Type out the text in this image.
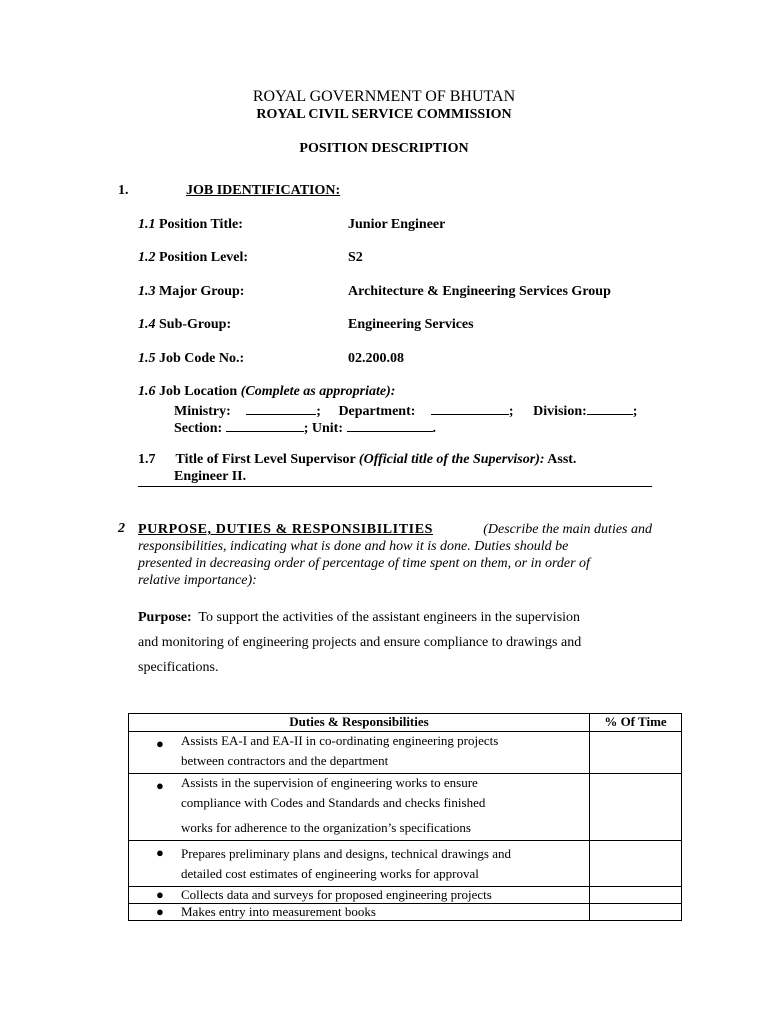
ROYAL GOVERNMENT OF BHUTAN
ROYAL CIVIL SERVICE COMMISSION
POSITION DESCRIPTION
1.	JOB IDENTIFICATION:
1.1 Position Title:	Junior Engineer
1.2 Position Level:	S2
1.3 Major Group:	Architecture & Engineering Services Group
1.4 Sub-Group:	Engineering Services
1.5 Job Code No.:	02.200.08
1.6 Job Location (Complete as appropriate):
Ministry:	; Department:	; Division:	;
Section:	; Unit:	.
1.7 Title of First Level Supervisor (Official title of the Supervisor): Asst.
Engineer II.
2 PURPOSE, DUTIES & RESPONSIBILITIES	(Describe the main duties and
responsibilities, indicating what is done and how it is done. Duties should be
presented in decreasing order of percentage of time spent on them, or in order of
relative importance):
Purpose: To support the activities of the assistant engineers in the supervision
and monitoring of engineering projects and ensure compliance to drawings and
specifications.
Duties & Responsibilities	% Of Time

● Assists EA-I and EA-II in co-ordinating engineering projects
between contractors and the department	

● Assists in the supervision of engineering works to ensure
compliance with Codes and Standards and checks finished
works for adherence to the organization’s specifications	

● Prepares preliminary plans and designs, technical drawings and
detailed cost estimates of engineering works for approval	

● Collects data and surveys for proposed engineering projects	

● Makes entry into measurement books	
